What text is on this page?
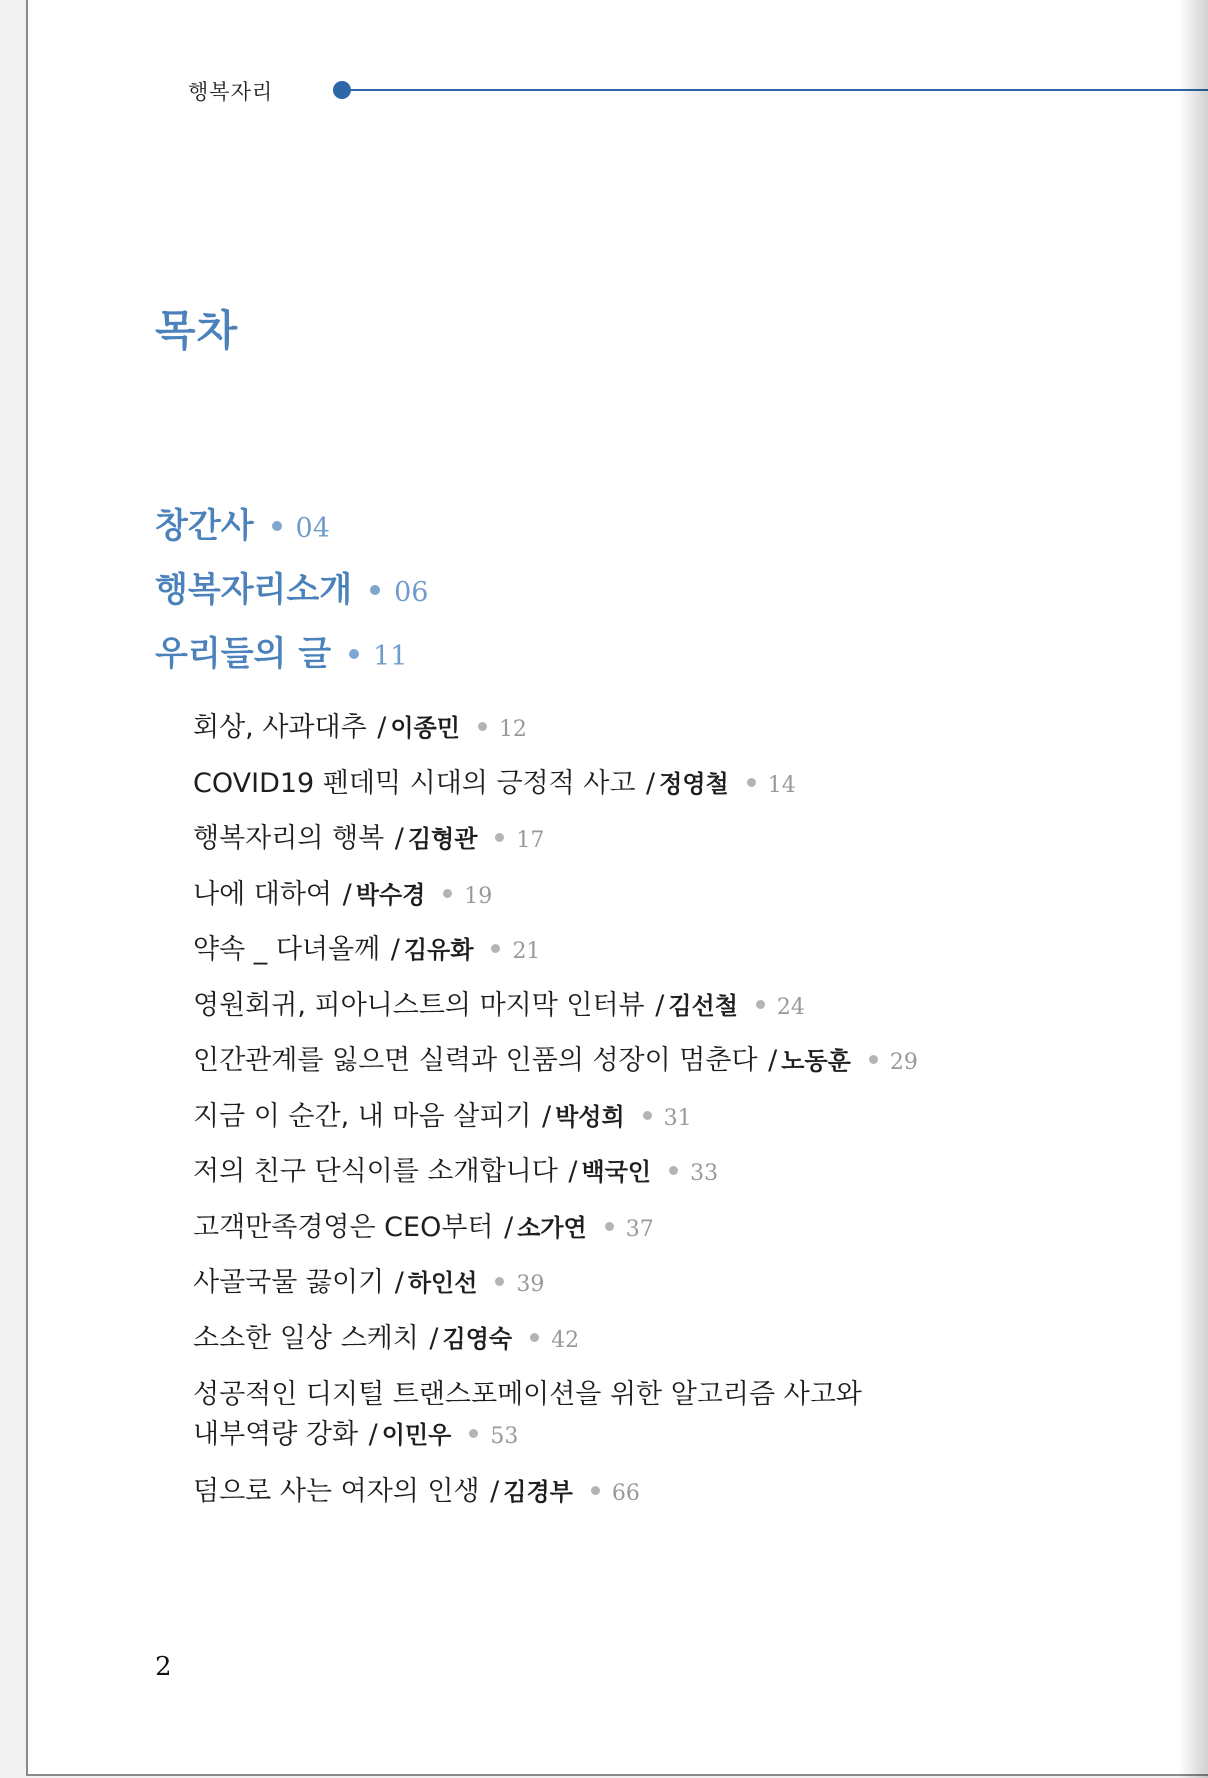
행복자리
목차
창간사 04
행복자리소개 06
우리들의 글 11
회상, 사과대추 / 이종민 12
COVID19 펜데믹 시대의 긍정적 사고 / 정영철 14
행복자리의 행복 / 김형관 17
나에 대하여 / 박수경 19
약속 _ 다녀올께 / 김유화 21
영원회귀, 피아니스트의 마지막 인터뷰 / 김선철 24
인간관계를 잃으면 실력과 인품의 성장이 멈춘다 / 노동훈 29
지금 이 순간, 내 마음 살피기 / 박성희 31
저의 친구 단식이를 소개합니다 / 백국인 33
고객만족경영은 CEO부터 / 소가연 37
사골국물 끓이기 / 하인선 39
소소한 일상 스케치 / 김영숙 42
성공적인 디지털 트랜스포메이션을 위한 알고리즘 사고와
내부역량 강화 / 이민우 53
덤으로 사는 여자의 인생 / 김경부 66
2
